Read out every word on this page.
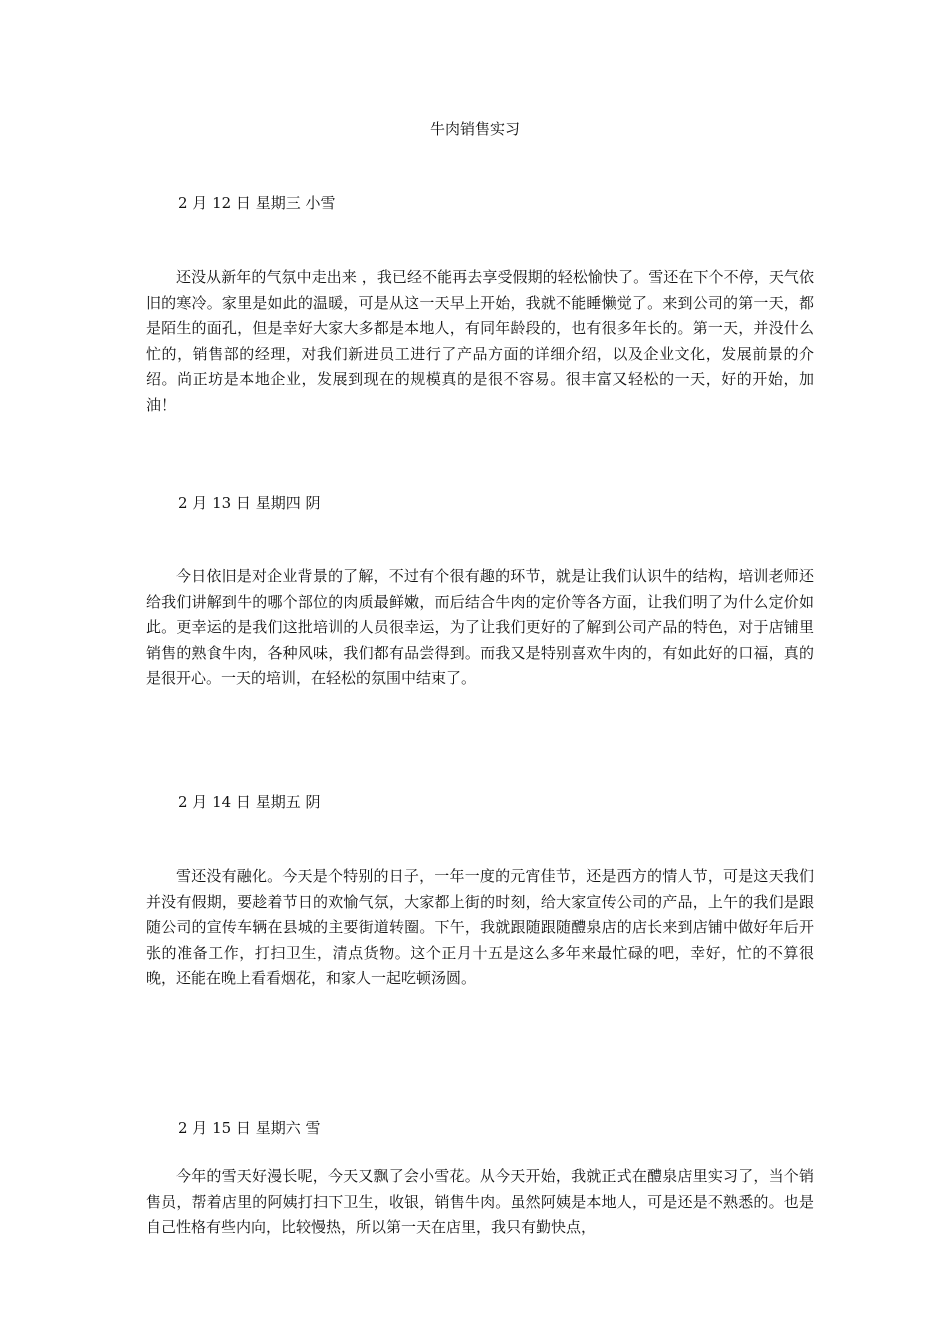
牛肉销售实习
2 月 12 日 星期三 小雪

还没从新年的气氛中走出来 ，我已经不能再去享受假期的轻松愉快了。雪还在下个不停，天气依旧的寒冷。家里是如此的温暖，可是从这一天早上开始，我就不能睡懒觉了。来到公司的第一天，都是陌生的面孔，但是幸好大家大多都是本地人，有同年龄段的，也有很多年长的。第一天，并没什么忙的，销售部的经理，对我们新进员工进行了产品方面的详细介绍，以及企业文化，发展前景的介绍。尚正坊是本地企业，发展到现在的规模真的是很不容易。很丰富又轻松的一天，好的开始，加油！

2 月 13 日 星期四 阴

今日依旧是对企业背景的了解，不过有个很有趣的环节，就是让我们认识牛的结构，培训老师还给我们讲解到牛的哪个部位的肉质最鲜嫩，而后结合牛肉的定价等各方面，让我们明了为什么定价如此。更幸运的是我们这批培训的人员很幸运，为了让我们更好的了解到公司产品的特色，对于店铺里销售的熟食牛肉，各种风味，我们都有品尝得到。而我又是特别喜欢牛肉的，有如此好的口福，真的是很开心。一天的培训，在轻松的氛围中结束了。

2 月 14 日 星期五 阴

雪还没有融化。今天是个特别的日子，一年一度的元宵佳节，还是西方的情人节，可是这天我们并没有假期，要趁着节日的欢愉气氛，大家都上街的时刻，给大家宣传公司的产品，上午的我们是跟随公司的宣传车辆在县城的主要街道转圈。下午，我就跟随跟随醴泉店的店长来到店铺中做好年后开张的准备工作，打扫卫生，清点货物。这个正月十五是这么多年来最忙碌的吧，幸好，忙的不算很晚，还能在晚上看看烟花，和家人一起吃顿汤圆。

2 月 15 日 星期六 雪

今年的雪天好漫长呢，今天又飘了会小雪花。从今天开始，我就正式在醴泉店里实习了，当个销售员，帮着店里的阿姨打扫下卫生，收银，销售牛肉。虽然阿姨是本地人，可是还是不熟悉的。也是自己性格有些内向，比较慢热，所以第一天在店里，我只有勤快点，
